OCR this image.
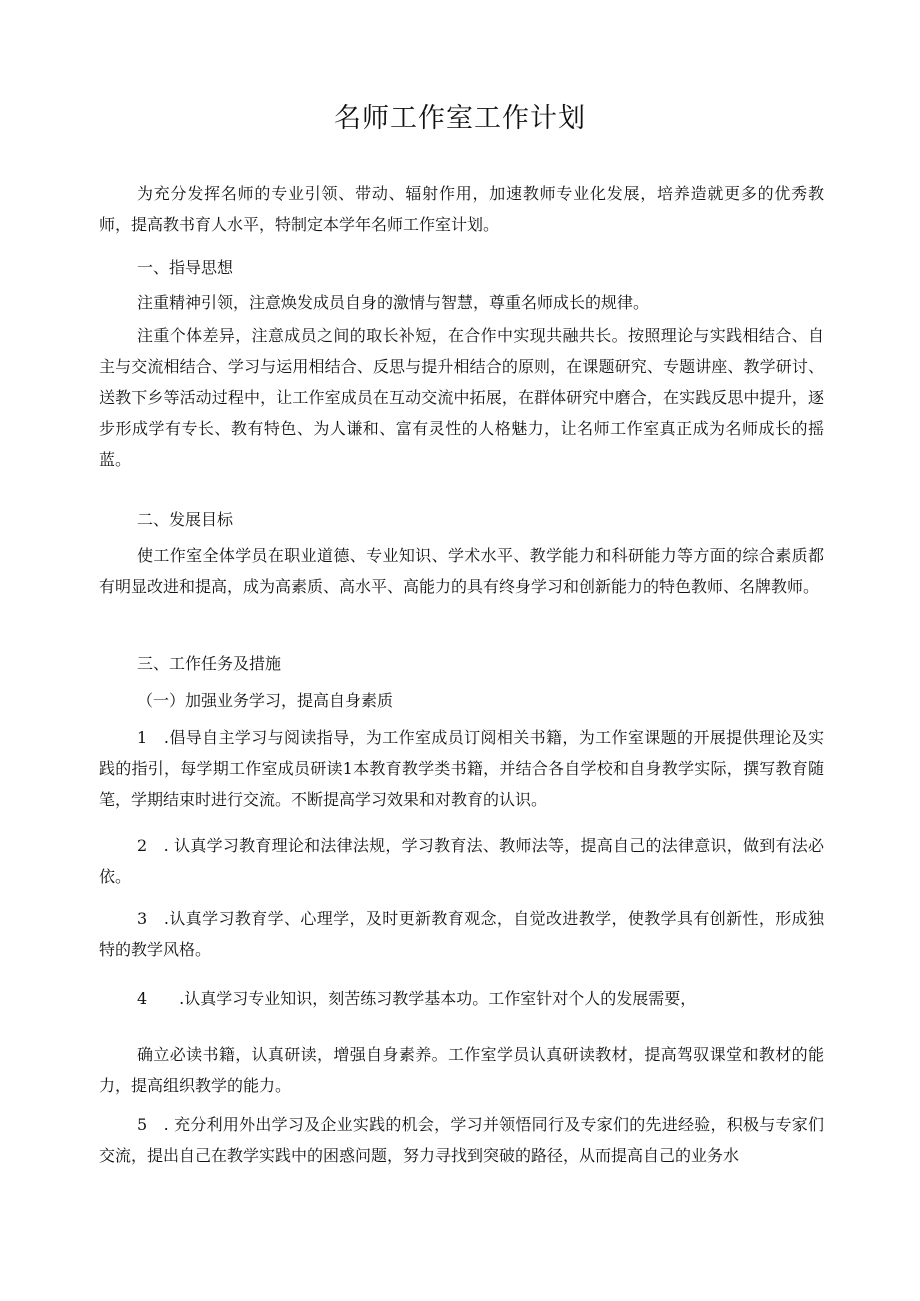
名师工作室工作计划

为充分发挥名师的专业引领、带动、辐射作用，加速教师专业化发展，培养造就更多的优秀教师，提高教书育人水平，特制定本学年名师工作室计划。

一、指导思想

注重精神引领，注意焕发成员自身的激情与智慧，尊重名师成长的规律。

注重个体差异，注意成员之间的取长补短，在合作中实现共融共长。按照理论与实践相结合、自主与交流相结合、学习与运用相结合、反思与提升相结合的原则，在课题研究、专题讲座、教学研讨、送教下乡等活动过程中，让工作室成员在互动交流中拓展，在群体研究中磨合，在实践反思中提升，逐步形成学有专长、教有特色、为人谦和、富有灵性的人格魅力，让名师工作室真正成为名师成长的摇蓝。

二、发展目标

使工作室全体学员在职业道德、专业知识、学术水平、教学能力和科研能力等方面的综合素质都有明显改进和提高，成为高素质、高水平、高能力的具有终身学习和创新能力的特色教师、名牌教师。

三、工作任务及措施

（一）加强业务学习，提高自身素质

1　.倡导自主学习与阅读指导，为工作室成员订阅相关书籍，为工作室课题的开展提供理论及实践的指引，每学期工作室成员研读1本教育教学类书籍，并结合各自学校和自身教学实际，撰写教育随笔，学期结束时进行交流。不断提高学习效果和对教育的认识。

2　. 认真学习教育理论和法律法规，学习教育法、教师法等，提高自己的法律意识，做到有法必依。

3　.认真学习教育学、心理学，及时更新教育观念，自觉改进教学，使教学具有创新性，形成独特的教学风格。

4　　.认真学习专业知识，刻苦练习教学基本功。工作室针对个人的发展需要，

确立必读书籍，认真研读，增强自身素养。工作室学员认真研读教材，提高驾驭课堂和教材的能力，提高组织教学的能力。

5　. 充分利用外出学习及企业实践的机会，学习并领悟同行及专家们的先进经验，积极与专家们交流，提出自己在教学实践中的困惑问题，努力寻找到突破的路径，从而提高自己的业务水
